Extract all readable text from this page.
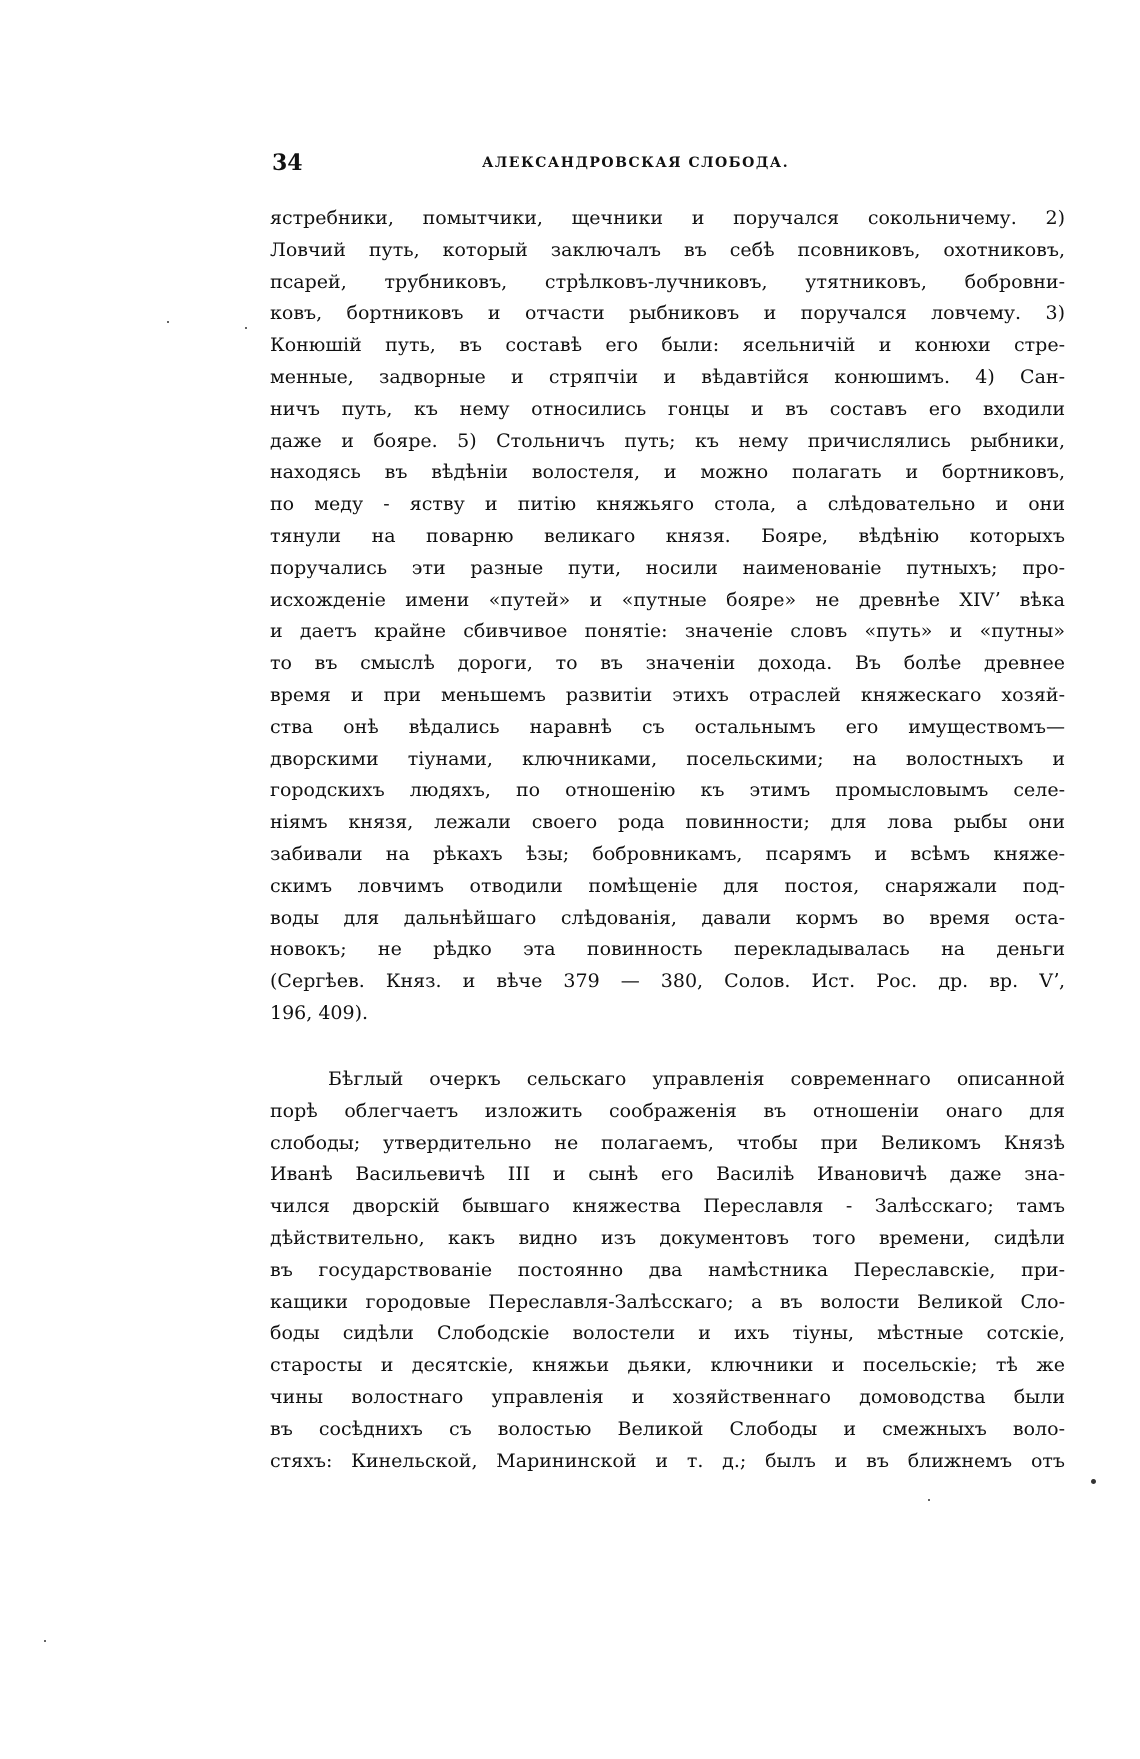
34	АЛЕКСАНДРОВСКАЯ СЛОБОДА.
ястребники, помытчики, щечники и поручался сокольничему. 2)
Ловчий путь, который заключалъ въ себѣ псовниковъ, охотниковъ,
псарей, трубниковъ, стрѣлковъ-лучниковъ, утятниковъ, бобровни-
ковъ, бортниковъ и отчасти рыбниковъ и поручался ловчему. 3)
Конюшій путь, въ составѣ его были: ясельничій и конюхи стре-
менные, задворные и стряпчіи и вѣдавтійся конюшимъ. 4) Сан-
ничъ путь, къ нему относились гонцы и въ составъ его входили
даже и бояре. 5) Стольничъ путь; къ нему причислялись рыбники,
находясь въ вѣдѣніи волостеля, и можно полагать и бортниковъ,
по меду - яству и питію княжьяго стола, а слѣдовательно и они
тянули на поварню великаго князя. Бояре, вѣдѣнію которыхъ
поручались эти разные пути, носили наименованіе путныхъ; про-
исхожденіе имени «путей» и «путные бояре» не древнѣе XIVʼ вѣка
и даетъ крайне сбивчивое понятіе: значеніе словъ «путь» и «путны»
то въ смыслѣ дороги, то въ значеніи дохода. Въ болѣе древнее
время и при меньшемъ развитіи этихъ отраслей княжескаго хозяй-
ства онѣ вѣдались наравнѣ съ остальнымъ его имуществомъ—
дворскими тіунами, ключниками, посельскими; на волостныхъ и
городскихъ людяхъ, по отношенію къ этимъ промысловымъ селе-
ніямъ князя, лежали своего рода повинности; для лова рыбы они
забивали на рѣкахъ ѣзы; бобровникамъ, псарямъ и всѣмъ княже-
скимъ ловчимъ отводили помѣщеніе для постоя, снаряжали под-
воды для дальнѣйшаго слѣдованія, давали кормъ во время оста-
новокъ; не рѣдко эта повинность перекладывалась на деньги
(Сергѣев. Княз. и вѣче 379 — 380, Солов. Ист. Рос. др. вр. Vʼ,
196, 409).
Бѣглый очеркъ сельскаго управленія современнаго описанной
порѣ облегчаетъ изложить соображенія въ отношеніи онаго для
слободы; утвердительно не полагаемъ, чтобы при Великомъ Князѣ
Иванѣ Васильевичѣ III и сынѣ его Василіѣ Ивановичѣ даже зна-
чился дворскій бывшаго княжества Переславля - Залѣсскаго; тамъ
дѣйствительно, какъ видно изъ документовъ того времени, сидѣли
въ государствованіе постоянно два намѣстника Переславскіе, при-
кащики городовые Переславля-Залѣсскаго; а въ волости Великой Сло-
боды сидѣли Слободскіе волостели и ихъ тіуны, мѣстные сотскіе,
старосты и десятскіе, княжьи дьяки, ключники и посельскіе; тѣ же
чины волостнаго управленія и хозяйственнаго домоводства были
въ сосѣднихъ съ волостью Великой Слободы и смежныхъ воло-
стяхъ: Кинельской, Марининской и т. д.; былъ и въ ближнемъ отъ
